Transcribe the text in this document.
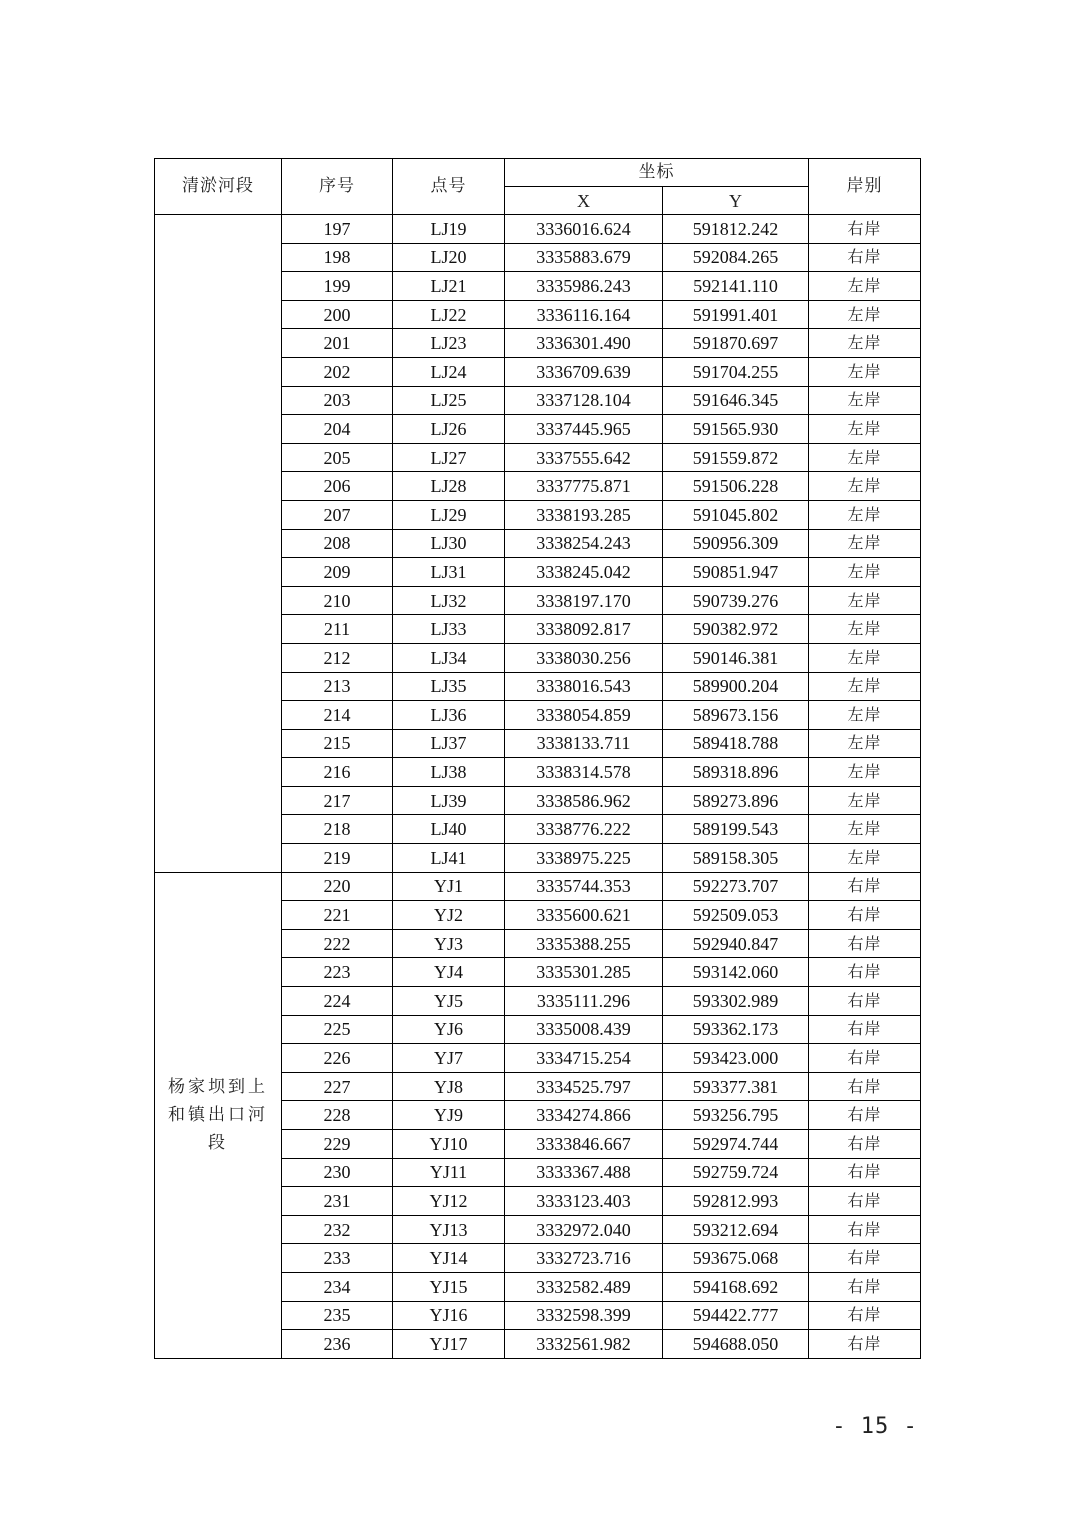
清淤河段	序号	点号	坐标		岸别
			X	Y	
	197	LJ19	3336016.624	591812.242	右岸
	198	LJ20	3335883.679	592084.265	右岸
	199	LJ21	3335986.243	592141.110	左岸
	200	LJ22	3336116.164	591991.401	左岸
	201	LJ23	3336301.490	591870.697	左岸
	202	LJ24	3336709.639	591704.255	左岸
	203	LJ25	3337128.104	591646.345	左岸
	204	LJ26	3337445.965	591565.930	左岸
	205	LJ27	3337555.642	591559.872	左岸
	206	LJ28	3337775.871	591506.228	左岸
	207	LJ29	3338193.285	591045.802	左岸
	208	LJ30	3338254.243	590956.309	左岸
	209	LJ31	3338245.042	590851.947	左岸
	210	LJ32	3338197.170	590739.276	左岸
	211	LJ33	3338092.817	590382.972	左岸
	212	LJ34	3338030.256	590146.381	左岸
	213	LJ35	3338016.543	589900.204	左岸
	214	LJ36	3338054.859	589673.156	左岸
	215	LJ37	3338133.711	589418.788	左岸
	216	LJ38	3338314.578	589318.896	左岸
	217	LJ39	3338586.962	589273.896	左岸
	218	LJ40	3338776.222	589199.543	左岸
	219	LJ41	3338975.225	589158.305	左岸
杨家坝到上和镇出口河段	220	YJ1	3335744.353	592273.707	右岸
	221	YJ2	3335600.621	592509.053	右岸
	222	YJ3	3335388.255	592940.847	右岸
	223	YJ4	3335301.285	593142.060	右岸
	224	YJ5	3335111.296	593302.989	右岸
	225	YJ6	3335008.439	593362.173	右岸
	226	YJ7	3334715.254	593423.000	右岸
	227	YJ8	3334525.797	593377.381	右岸
	228	YJ9	3334274.866	593256.795	右岸
	229	YJ10	3333846.667	592974.744	右岸
	230	YJ11	3333367.488	592759.724	右岸
	231	YJ12	3333123.403	592812.993	右岸
	232	YJ13	3332972.040	593212.694	右岸
	233	YJ14	3332723.716	593675.068	右岸
	234	YJ15	3332582.489	594168.692	右岸
	235	YJ16	3332598.399	594422.777	右岸
	236	YJ17	3332561.982	594688.050	右岸
- 15 -
